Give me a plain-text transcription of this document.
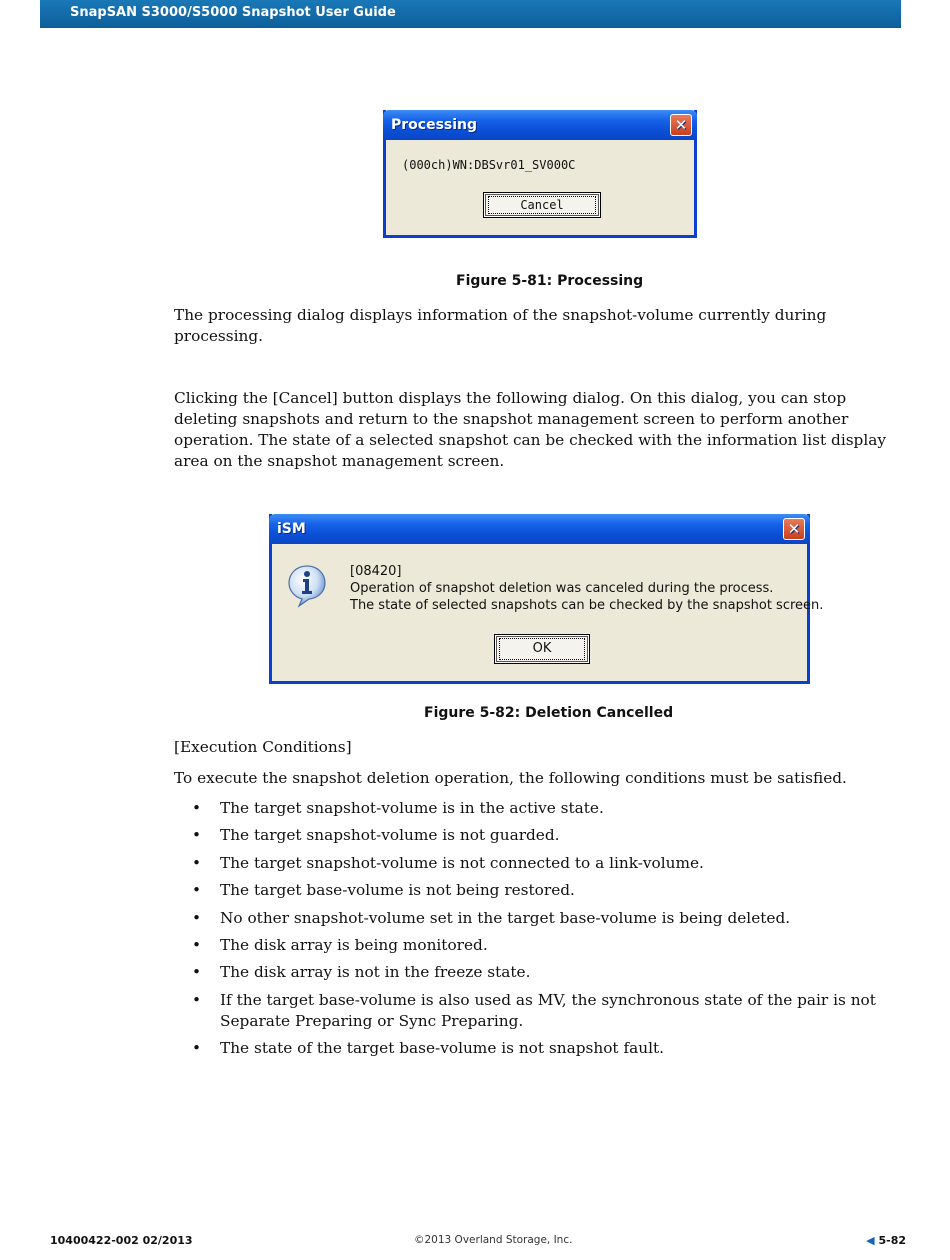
SnapSAN S3000/S5000 Snapshot User Guide
Processing	✕
(000ch)WN:DBSvr01_SV000C
Cancel
Figure 5-81: Processing

The processing dialog displays information of the snapshot-volume currently during processing.

Clicking the [Cancel] button displays the following dialog. On this dialog, you can stop deleting snapshots and return to the snapshot management screen to perform another operation. The state of a selected snapshot can be checked with the information list display area on the snapshot management screen.

iSM	✕
[08420]
Operation of snapshot deletion was canceled during the process.
The state of selected snapshots can be checked by the snapshot screen.
OK
Figure 5-82: Deletion Cancelled

[Execution Conditions]

To execute the snapshot deletion operation, the following conditions must be satisfied.

• The target snapshot-volume is in the active state.
• The target snapshot-volume is not guarded.
• The target snapshot-volume is not connected to a link-volume.
• The target base-volume is not being restored.
• No other snapshot-volume set in the target base-volume is being deleted.
• The disk array is being monitored.
• The disk array is not in the freeze state.
• If the target base-volume is also used as MV, the synchronous state of the pair is not Separate Preparing or Sync Preparing.
• The state of the target base-volume is not snapshot fault.
10400422-002 02/2013	©2013 Overland Storage, Inc.	◀ 5-82
